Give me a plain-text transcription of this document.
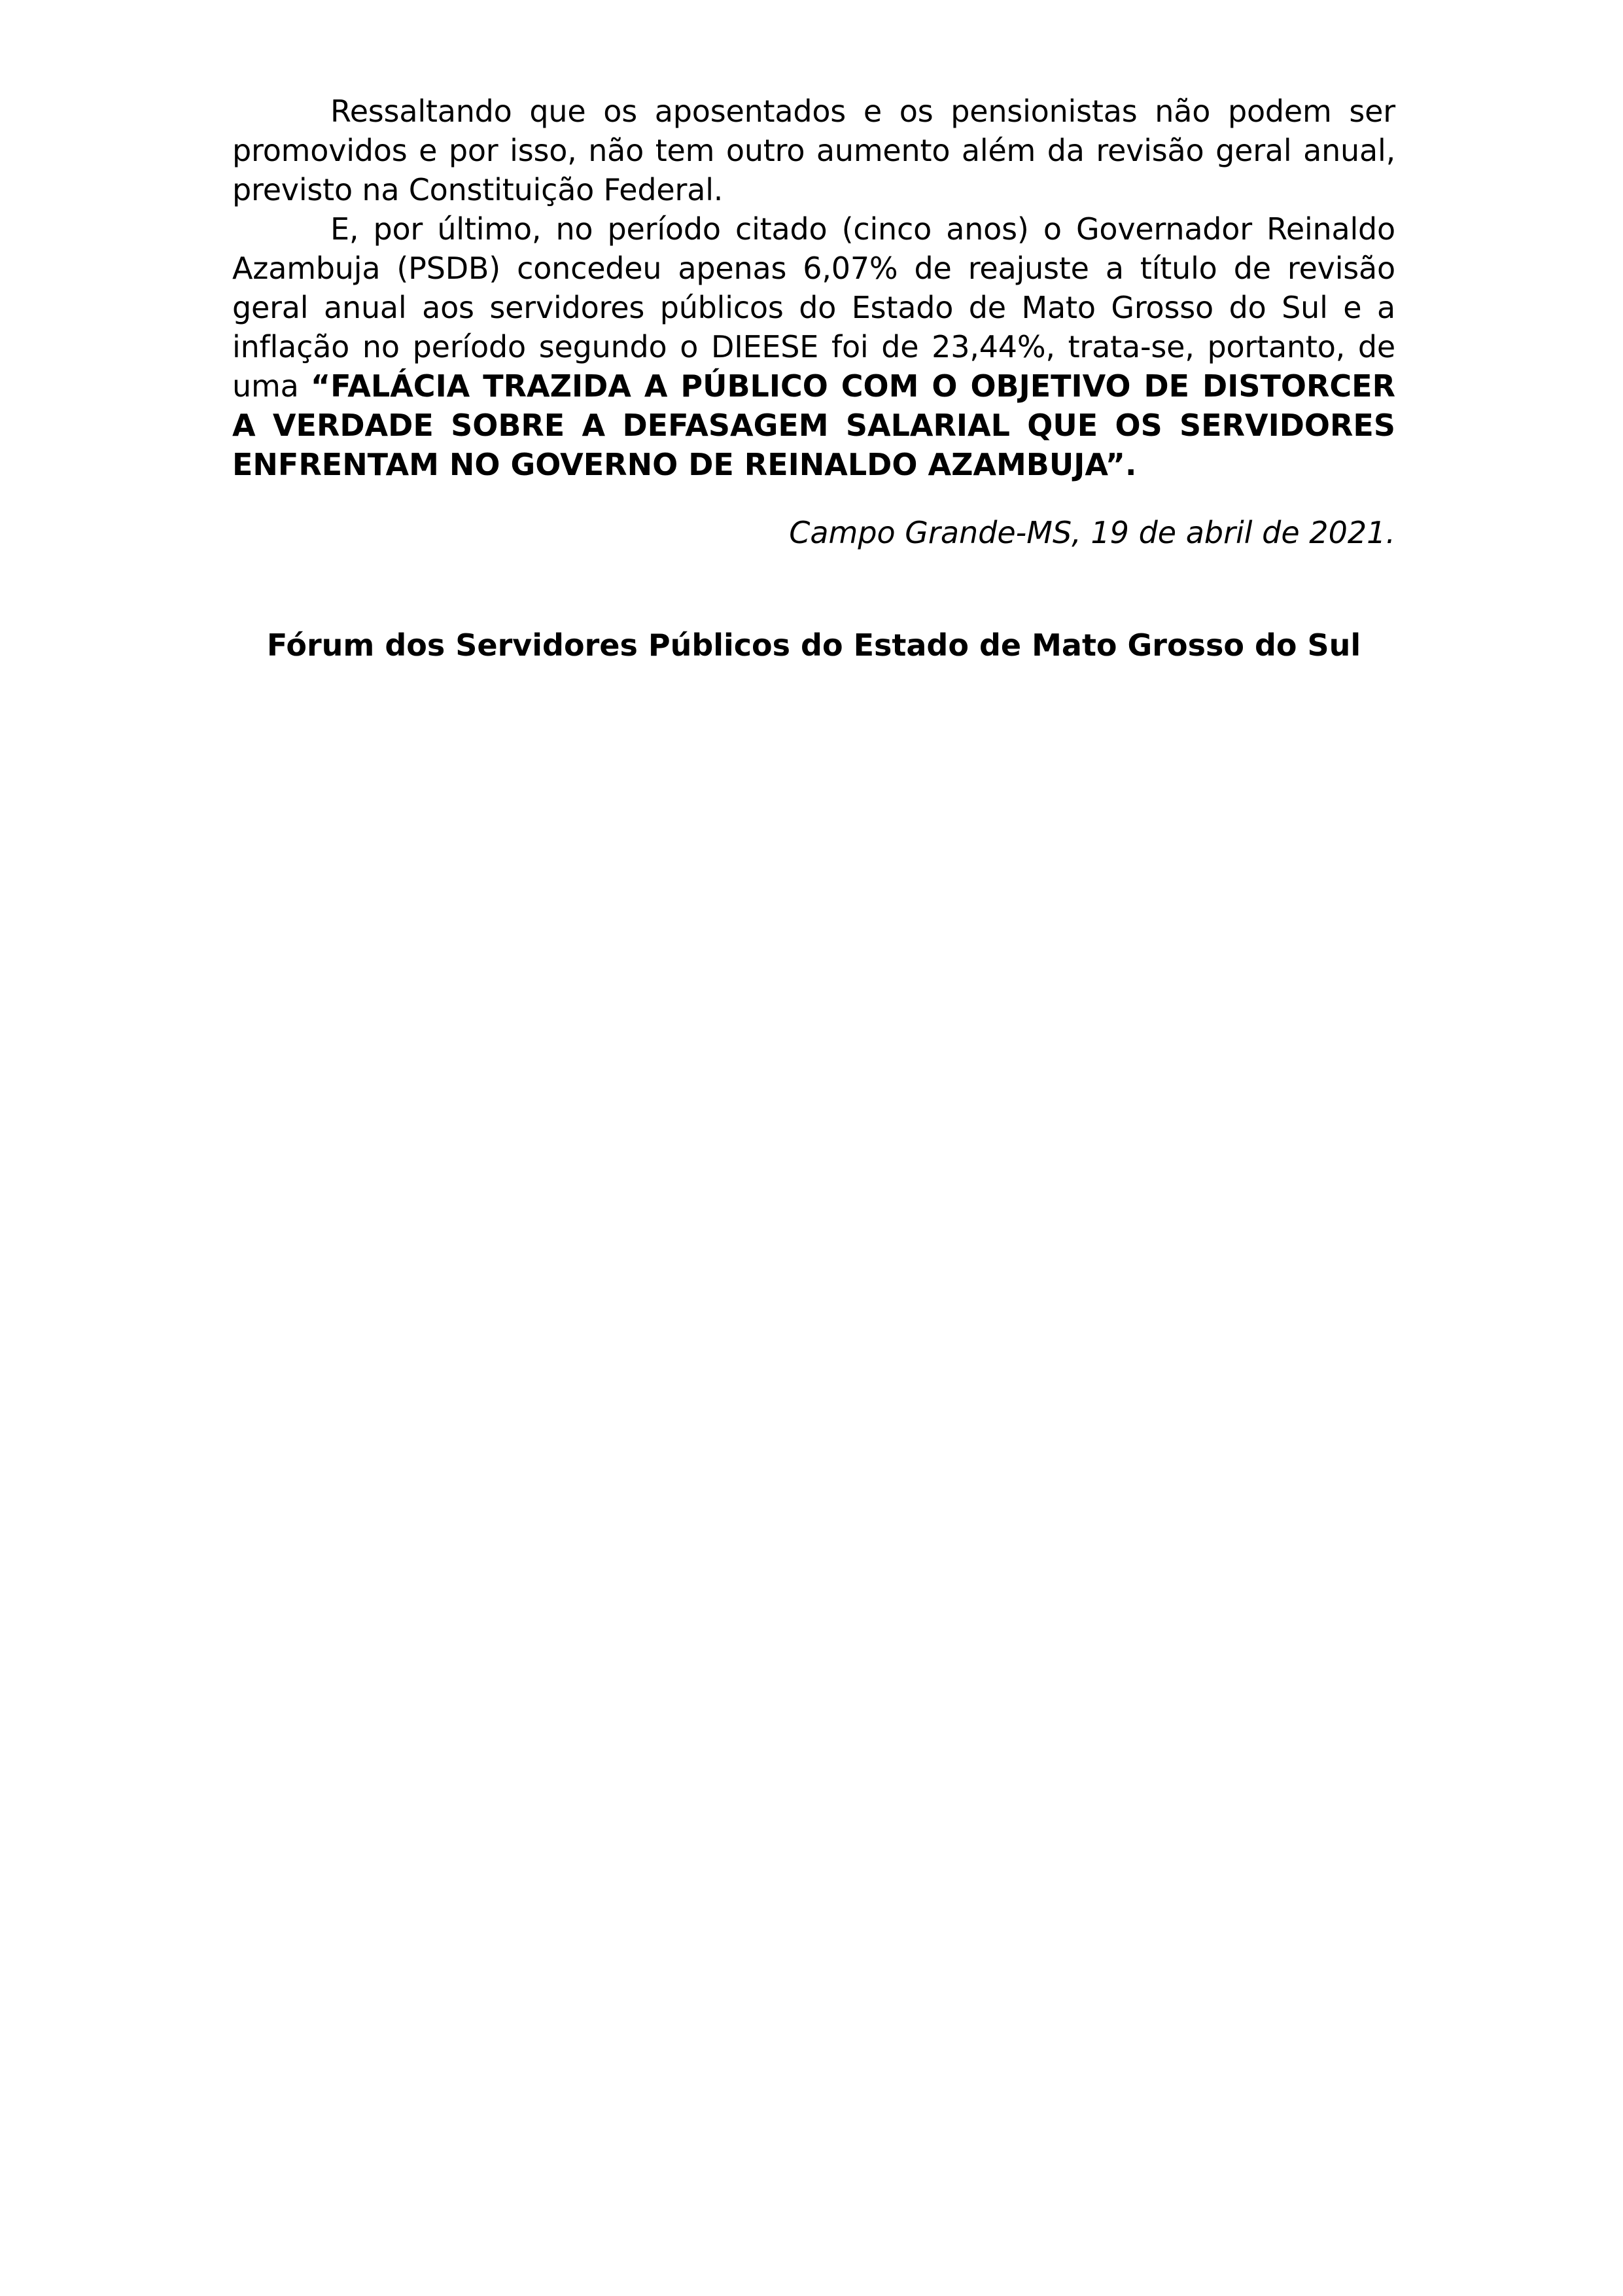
Ressaltando que os aposentados e os pensionistas não podem ser promovidos e por isso, não tem outro aumento além da revisão geral anual, previsto na Constituição Federal.

E, por último, no período citado (cinco anos) o Governador Reinaldo Azambuja (PSDB) concedeu apenas 6,07% de reajuste a título de revisão geral anual aos servidores públicos do Estado de Mato Grosso do Sul e a inflação no período segundo o DIEESE foi de 23,44%, trata-se, portanto, de uma “FALÁCIA TRAZIDA A PÚBLICO COM O OBJETIVO DE DISTORCER A VERDADE SOBRE A DEFASAGEM SALARIAL QUE OS SERVIDORES ENFRENTAM NO GOVERNO DE REINALDO AZAMBUJA”.

Campo Grande-MS, 19 de abril de 2021.

Fórum dos Servidores Públicos do Estado de Mato Grosso do Sul
